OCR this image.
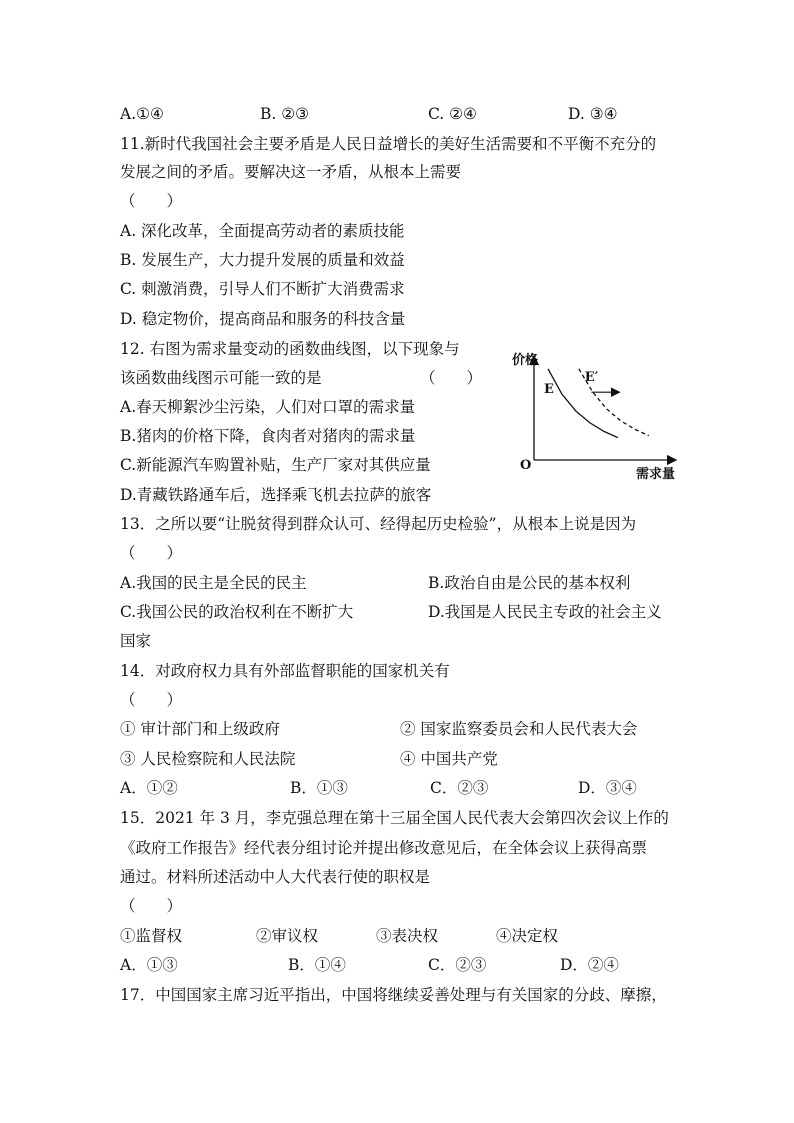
A.①④	B. ②③	C. ②④	D. ③④
11.新时代我国社会主要矛盾是人民日益增长的美好生活需要和不平衡不充分的
发展之间的矛盾。要解决这一矛盾，从根本上需要
（　　）
A. 深化改革，全面提高劳动者的素质技能
B. 发展生产，大力提升发展的质量和效益
C. 刺激消费，引导人们不断扩大消费需求
D. 稳定物价，提高商品和服务的科技含量
12. 右图为需求量变动的函数曲线图，以下现象与
该函数曲线图示可能一致的是	（　　）
A.春天柳絮沙尘污染，人们对口罩的需求量
B.猪肉的价格下降，食肉者对猪肉的需求量
C.新能源汽车购置补贴，生产厂家对其供应量
D.青藏铁路通车后，选择乘飞机去拉萨的旅客
价格
需求量
O
E
E′
13．之所以要“让脱贫得到群众认可、经得起历史检验”，从根本上说是因为
（　　）
A.我国的民主是全民的民主	B.政治自由是公民的基本权利
C.我国公民的政治权利在不断扩大	D.我国是人民民主专政的社会主义
国家
14．对政府权力具有外部监督职能的国家机关有
（　　）
① 审计部门和上级政府	② 国家监察委员会和人民代表大会
③ 人民检察院和人民法院	④ 中国共产党
A．①②	B．①③	C．②③	D．③④
15．2021 年 3 月，李克强总理在第十三届全国人民代表大会第四次会议上作的
《政府工作报告》经代表分组讨论并提出修改意见后，在全体会议上获得高票
通过。材料所述活动中人大代表行使的职权是
（　　）
①监督权	②审议权	③表决权	④决定权
A．①③	B．①④	C．②③	D．②④
17．中国国家主席习近平指出，中国将继续妥善处理与有关国家的分歧、摩擦，
